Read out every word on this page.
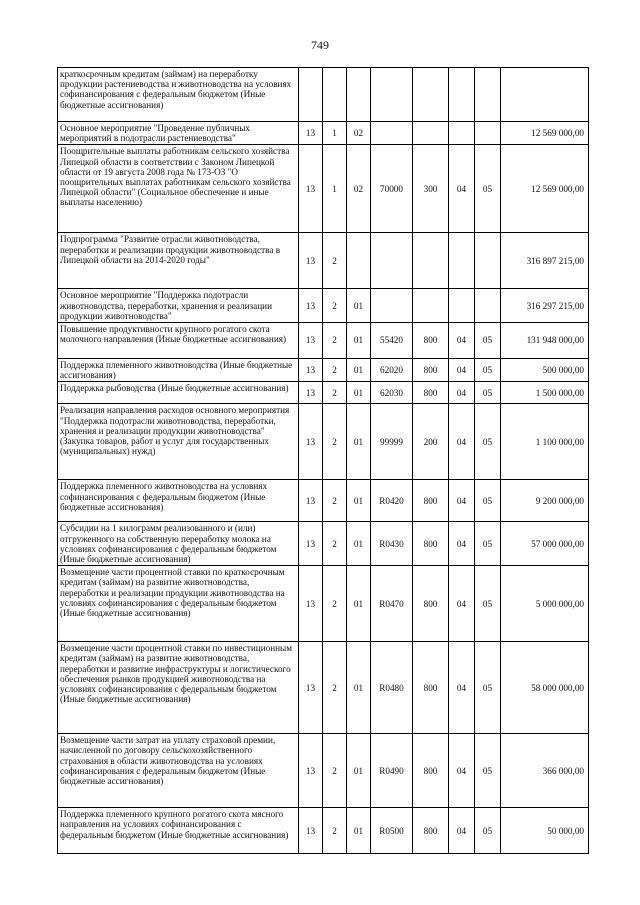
749
краткосрочным кредитам (займам) на переработку продукции растениеводства и животноводства на условиях софинансирования с федеральным бюджетом (Иные бюджетные ассигнования)								
Основное мероприятие "Проведение публичных мероприятий в подотрасли растениеводства"	13	1	02					12 569 000,00
Поощрительные выплаты работникам сельского хозяйства Липецкой области в соответствии с Законом Липецкой области от 19 августа 2008 года № 173-ОЗ "О поощрительных выплатах работникам сельского хозяйства Липецкой области" (Социальное обеспечение и иные выплаты населению)	13	1	02	70000	300	04	05	12 569 000,00
Подпрограмма "Развитие отрасли животноводства, переработки и реализации продукции животноводства в Липецкой области на 2014-2020 годы"	13	2						316 897 215,00
Основное мероприятие "Поддержка подотрасли животноводства, переработки, хранения и реализации продукции животноводства"	13	2	01					316 297 215,00
Повышение продуктивности крупного рогатого скота молочного направления (Иные бюджетные ассигнования)	13	2	01	55420	800	04	05	131 948 000,00
Поддержка племенного животноводства (Иные бюджетные ассигнования)	13	2	01	62020	800	04	05	500 000,00
Поддержка рыбоводства (Иные бюджетные ассигнования)	13	2	01	62030	800	04	05	1 500 000,00
Реализация направления расходов основного мероприятия "Поддержка подотрасли животноводства, переработки, хранения и реализации продукции животноводства" (Закупка товаров, работ и услуг для государственных (муниципальных) нужд)	13	2	01	99999	200	04	05	1 100 000,00
Поддержка племенного животноводства на условиях софинансирования с федеральным бюджетом (Иные бюджетные ассигнования)	13	2	01	R0420	800	04	05	9 200 000,00
Субсидии на 1 килограмм реализованного и (или) отгруженного на собственную переработку молока на условиях софинансирования с федеральным бюджетом (Иные бюджетные ассигнования)	13	2	01	R0430	800	04	05	57 000 000,00
Возмещение части процентной ставки по краткосрочным кредитам (займам) на развитие животноводства, переработки и реализации продукции животноводства на условиях софинансирования с федеральным бюджетом (Иные бюджетные ассигнования)	13	2	01	R0470	800	04	05	5 000 000,00
Возмещение части процентной ставки по инвестиционным кредитам (займам) на развитие животноводства, переработки и развитие инфраструктуры и логистического обеспечения рынков продукцией животноводства на условиях софинансирования с федеральным бюджетом (Иные бюджетные ассигнования)	13	2	01	R0480	800	04	05	58 000 000,00
Возмещение части затрат на уплату страховой премии, начисленной по договору сельскохозяйственного страхования в области животноводства на условиях софинансирования с федеральным бюджетом (Иные бюджетные ассигнования)	13	2	01	R0490	800	04	05	366 000,00
Поддержка племенного крупного рогатого скота мясного направления на условиях софинансирования с федеральным бюджетом (Иные бюджетные ассигнования)	13	2	01	R0500	800	04	05	50 000,00
